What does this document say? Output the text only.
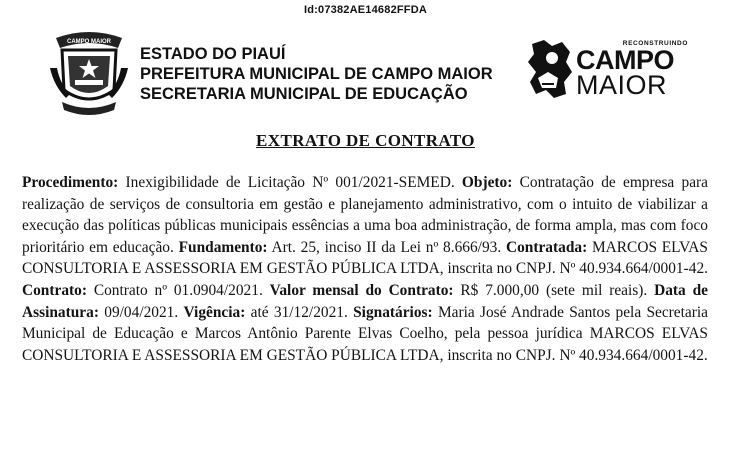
Id:07382AE14682FFDA
CAMPO MAIOR
ESTADO DO PIAUÍ
PREFEITURA MUNICIPAL DE CAMPO MAIOR
SECRETARIA MUNICIPAL DE EDUCAÇÃO
RECONSTRUINDO
CAMPO
MAIOR
EXTRATO DE CONTRATO

Procedimento: Inexigibilidade de Licitação Nº 001/2021-SEMED. Objeto: Contratação de empresa para realização de serviços de consultoria em gestão e planejamento administrativo, com o intuito de viabilizar a execução das políticas públicas municipais essências a uma boa administração, de forma ampla, mas com foco prioritário em educação. Fundamento: Art. 25, inciso II da Lei nº 8.666/93. Contratada: MARCOS ELVAS CONSULTORIA E ASSESSORIA EM GESTÃO PÚBLICA LTDA, inscrita no CNPJ. Nº 40.934.664/0001-42. Contrato: Contrato nº 01.0904/2021. Valor mensal do Contrato: R$ 7.000,00 (sete mil reais). Data de Assinatura: 09/04/2021. Vigência: até 31/12/2021. Signatários: Maria José Andrade Santos pela Secretaria Municipal de Educação e Marcos Antônio Parente Elvas Coelho, pela pessoa jurídica MARCOS ELVAS CONSULTORIA E ASSESSORIA EM GESTÃO PÚBLICA LTDA, inscrita no CNPJ. Nº 40.934.664/0001-42.
